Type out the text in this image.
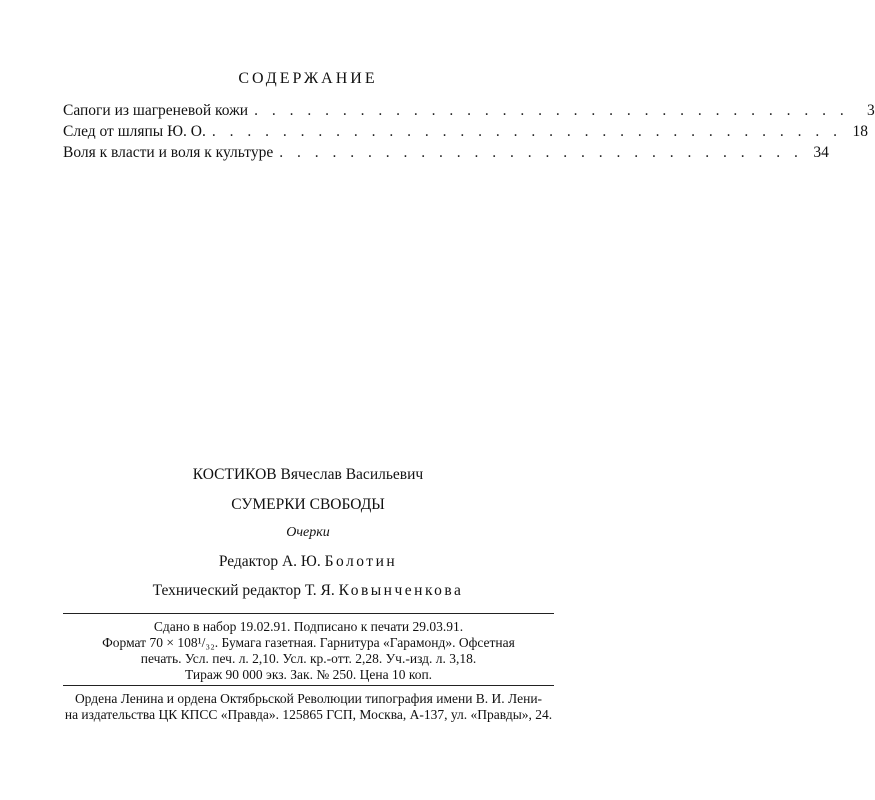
СОДЕРЖАНИЕ
Сапоги из шагреневой кожи . . . . . . . . . . . . . . . . . . . . . . . . . . . . . . . . . .	3
След от шляпы Ю. О. . . . . . . . . . . . . . . . . . . . . . . . . . . . . . . . . . . . . 18
Воля к власти и воля к культуре . . . . . . . . . . . . . . . . . . . . . . . . . . . . . . 34
КОСТИКОВ Вячеслав Васильевич
СУМЕРКИ СВОБОДЫ
Очерки
Редактор А. Ю. Болотин
Технический редактор Т. Я. Ковынченкова
Сдано в набор 19.02.91. Подписано к печати 29.03.91.
Формат 70 × 108¹/₃₂. Бумага газетная. Гарнитура «Гарамонд». Офсетная
печать. Усл. печ. л. 2,10. Усл. кр.-отт. 2,28. Уч.-изд. л. 3,18.
Тираж 90 000 экз. Зак. № 250. Цена 10 коп.
Ордена Ленина и ордена Октябрьской Революции типография имени В. И. Лени-
на издательства ЦК КПСС «Правда». 125865 ГСП, Москва, А-137, ул. «Правды», 24.
